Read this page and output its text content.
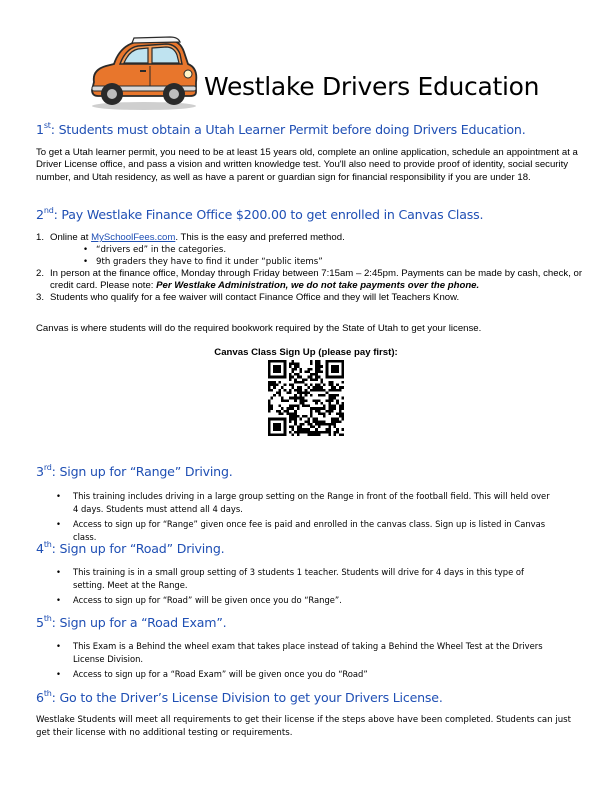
Westlake Drivers Education
1st: Students must obtain a Utah Learner Permit before doing Drivers Education.
To get a Utah learner permit, you need to be at least 15 years old, complete an online application, schedule an appointment at a Driver License office, and pass a vision and written knowledge test. You'll also need to provide proof of identity, social security number, and Utah residency, as well as have a parent or guardian sign for financial responsibility if you are under 18.
2nd: Pay Westlake Finance Office $200.00 to get enrolled in Canvas Class.
1. Online at MySchoolFees.com. This is the easy and preferred method.
• “drivers ed” in the categories.
• 9th graders they have to find it under “public items”
2. In person at the finance office, Monday through Friday between 7:15am – 2:45pm. Payments can be made by cash, check, or credit card. Please note: Per Westlake Administration, we do not take payments over the phone.
3. Students who qualify for a fee waiver will contact Finance Office and they will let Teachers Know.
Canvas is where students will do the required bookwork required by the State of Utah to get your license.
Canvas Class Sign Up (please pay first):
3rd: Sign up for “Range” Driving.
• This training includes driving in a large group setting on the Range in front of the football field. This will held over 4 days. Students must attend all 4 days.
• Access to sign up for “Range” given once fee is paid and enrolled in the canvas class. Sign up is listed in Canvas class.
4th: Sign up for “Road” Driving.
• This training is in a small group setting of 3 students 1 teacher. Students will drive for 4 days in this type of setting. Meet at the Range.
• Access to sign up for “Road” will be given once you do “Range”.
5th: Sign up for a “Road Exam”.
• This Exam is a Behind the wheel exam that takes place instead of taking a Behind the Wheel Test at the Drivers License Division.
• Access to sign up for a “Road Exam” will be given once you do “Road”
6th: Go to the Driver’s License Division to get your Drivers License.
Westlake Students will meet all requirements to get their license if the steps above have been completed. Students can just get their license with no additional testing or requirements.
